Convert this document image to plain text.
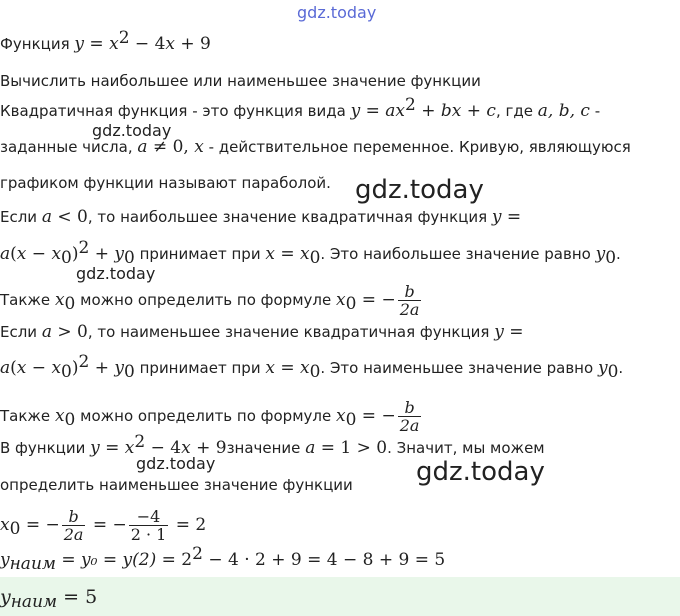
gdz.today
gdz.today
gdz.today
gdz.today
gdz.today	gdz.today
Функция $y = x^2 - 4x + 9$
Вычислить наибольшее или наименьшее значение функции
Квадратичная функция - это функция вида $y = ax^2$ + bx + c, где a, b, c -
заданные числа, a ≠ 0, x - действительное переменное. Кривую, являющуюся
графиком функции называют параболой.
Если a < 0, то наибольшее значение квадратичная функция y =
$a(x - x_0)^2 + y_0$ принимает при $x = x_0$. Это наибольшее значение равно $y_0$.
Также $x_0$ можно определить по формуле $x_0$ = − $\frac{b}{2a}$
Если a > 0, то наименьшее значение квадратичная функция y =
$a(x - x_0)^2 + y_0$ принимает при $x = x_0$. Это наименьшее значение равно $y_0$.
Также $x_0$ можно определить по формуле $x_0$ = − $\frac{b}{2a}$
В функции $y = x^2 - 4x$ + 9значение a = 1 > 0. Значит, мы можем
определить наименьшее значение функции
$x_0$ = − $\frac{b}{2a}$ = − $\frac{-4}{2 \cdot 1} = 2$
$y_{наим} = y_0 = y(2) = 2^2 - 4 \cdot 2 + 9 = 4 - 8 + 9 = 5$
$y_{наим} = 5$
